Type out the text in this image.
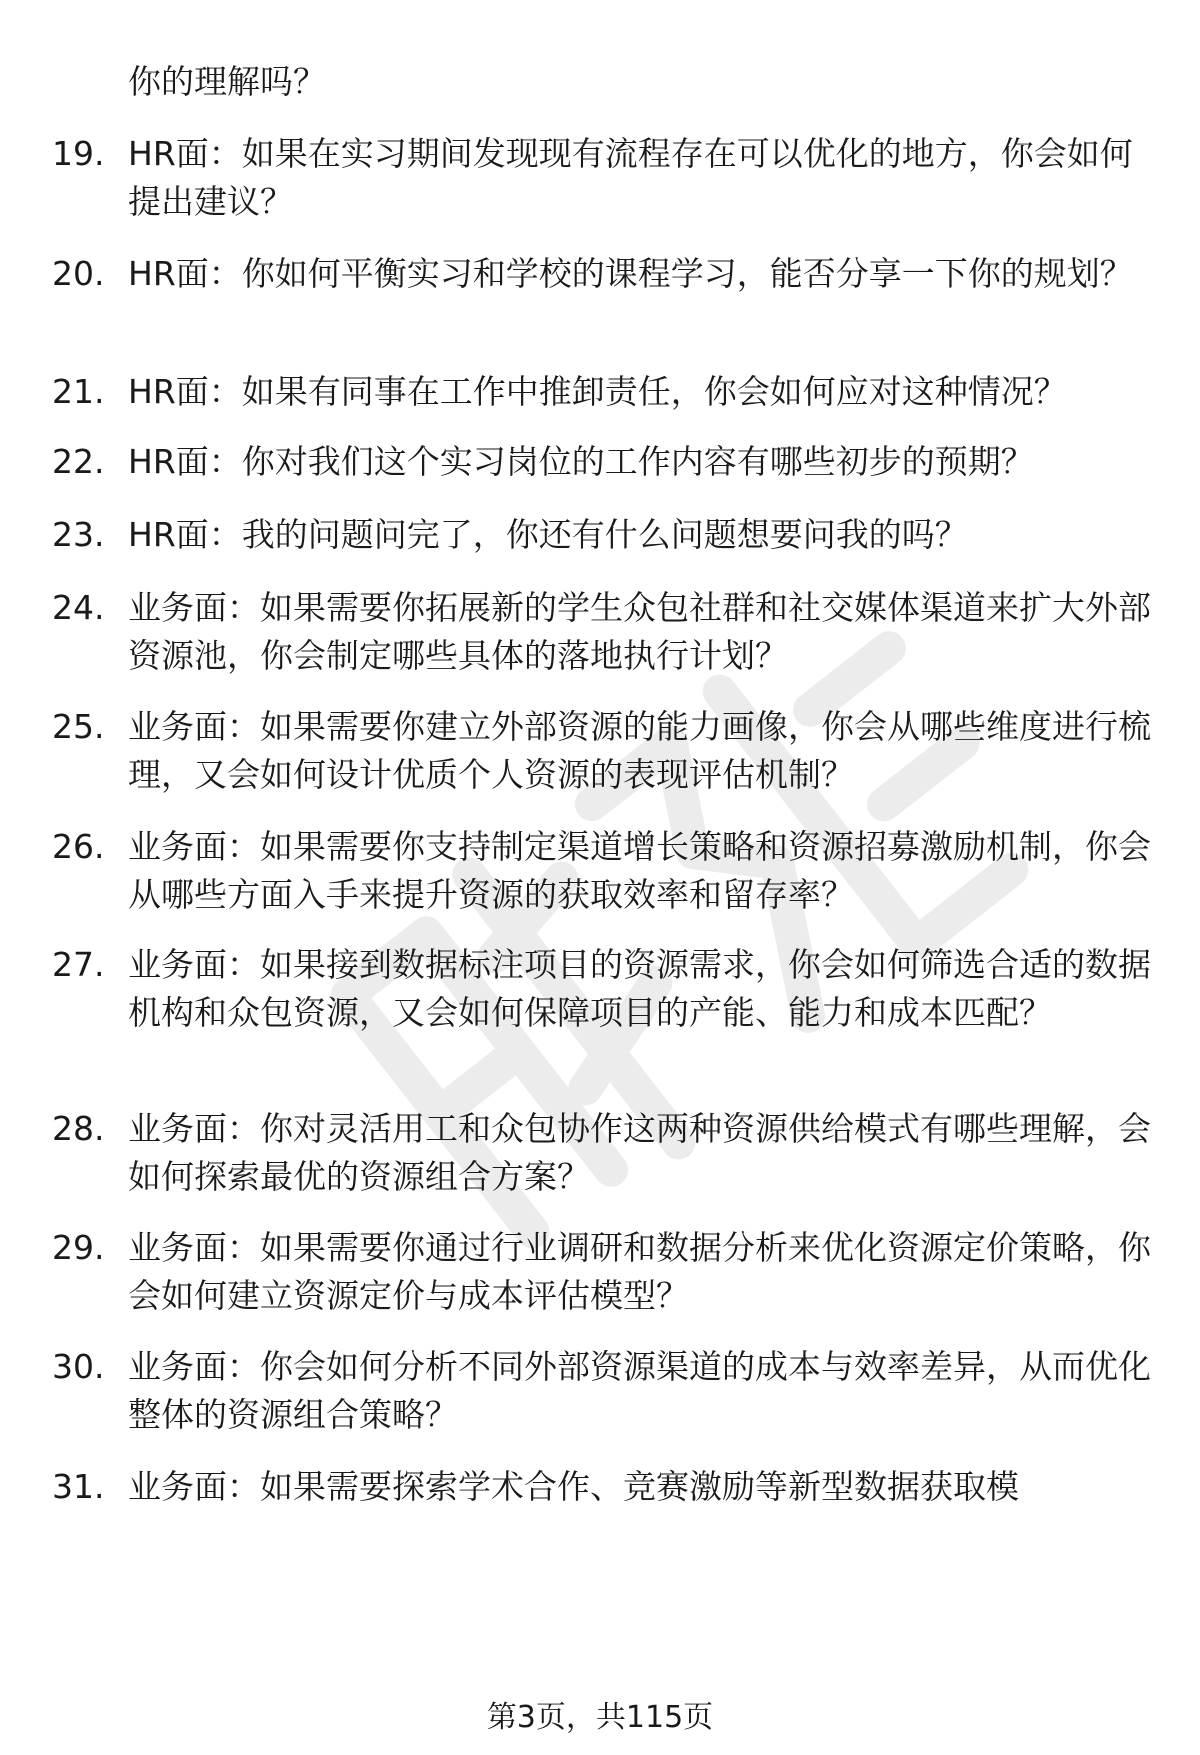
你的理解吗？
19. HR面：如果在实习期间发现现有流程存在可以优化的地方，你会如何提出建议？
20. HR面：你如何平衡实习和学校的课程学习，能否分享一下你的规划？
21. HR面：如果有同事在工作中推卸责任，你会如何应对这种情况？
22. HR面：你对我们这个实习岗位的工作内容有哪些初步的预期？
23. HR面：我的问题问完了，你还有什么问题想要问我的吗？
24. 业务面：如果需要你拓展新的学生众包社群和社交媒体渠道来扩大外部资源池，你会制定哪些具体的落地执行计划？
25. 业务面：如果需要你建立外部资源的能力画像，你会从哪些维度进行梳理，又会如何设计优质个人资源的表现评估机制？
26. 业务面：如果需要你支持制定渠道增长策略和资源招募激励机制，你会从哪些方面入手来提升资源的获取效率和留存率？
27. 业务面：如果接到数据标注项目的资源需求，你会如何筛选合适的数据机构和众包资源，又会如何保障项目的产能、能力和成本匹配？
28. 业务面：你对灵活用工和众包协作这两种资源供给模式有哪些理解，会如何探索最优的资源组合方案？
29. 业务面：如果需要你通过行业调研和数据分析来优化资源定价策略，你会如何建立资源定价与成本评估模型？
30. 业务面：你会如何分析不同外部资源渠道的成本与效率差异，从而优化整体的资源组合策略？
31. 业务面：如果需要探索学术合作、竞赛激励等新型数据获取模
第3页，共115页
